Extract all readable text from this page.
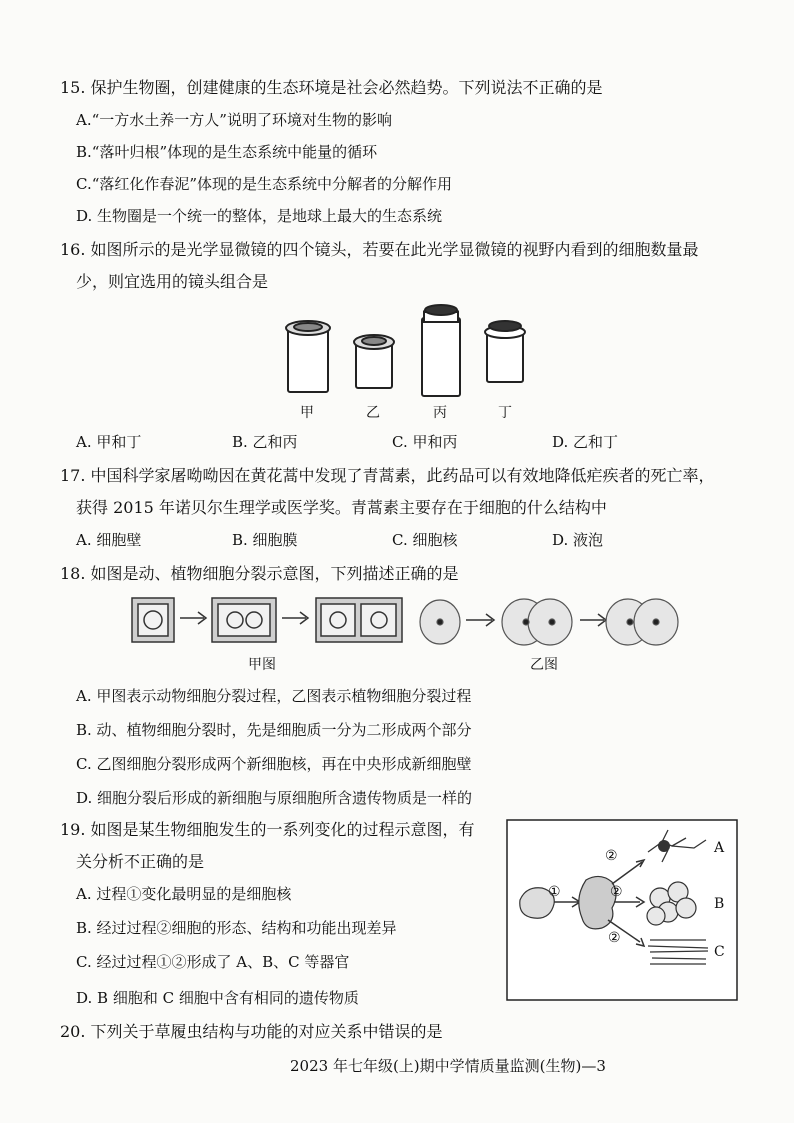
15. 保护生物圈，创建健康的生态环境是社会必然趋势。下列说法不正确的是
A.“一方水土养一方人”说明了环境对生物的影响
B.“落叶归根”体现的是生态系统中能量的循环
C.“落红化作春泥”体现的是生态系统中分解者的分解作用
D. 生物圈是一个统一的整体，是地球上最大的生态系统
16. 如图所示的是光学显微镜的四个镜头，若要在此光学显微镜的视野内看到的细胞数量最
少，则宜选用的镜头组合是
甲	乙	丙	丁
A. 甲和丁	B. 乙和丙	C. 甲和丙	D. 乙和丁
17. 中国科学家屠呦呦因在黄花蒿中发现了青蒿素，此药品可以有效地降低疟疾者的死亡率，
获得 2015 年诺贝尔生理学或医学奖。青蒿素主要存在于细胞的什么结构中
A. 细胞壁	B. 细胞膜	C. 细胞核	D. 液泡
18. 如图是动、植物细胞分裂示意图，下列描述正确的是
甲图	乙图
A. 甲图表示动物细胞分裂过程，乙图表示植物细胞分裂过程
B. 动、植物细胞分裂时，先是细胞质一分为二形成两个部分
C. 乙图细胞分裂形成两个新细胞核，再在中央形成新细胞壁
D. 细胞分裂后形成的新细胞与原细胞所含遗传物质是一样的
19. 如图是某生物细胞发生的一系列变化的过程示意图，有
关分析不正确的是
①
②
②
②
A
B
C
A. 过程①变化最明显的是细胞核
B. 经过过程②细胞的形态、结构和功能出现差异
C. 经过过程①②形成了 A、B、C 等器官
D. B 细胞和 C 细胞中含有相同的遗传物质
20. 下列关于草履虫结构与功能的对应关系中错误的是
2023 年七年级(上)期中学情质量监测(生物)—3
